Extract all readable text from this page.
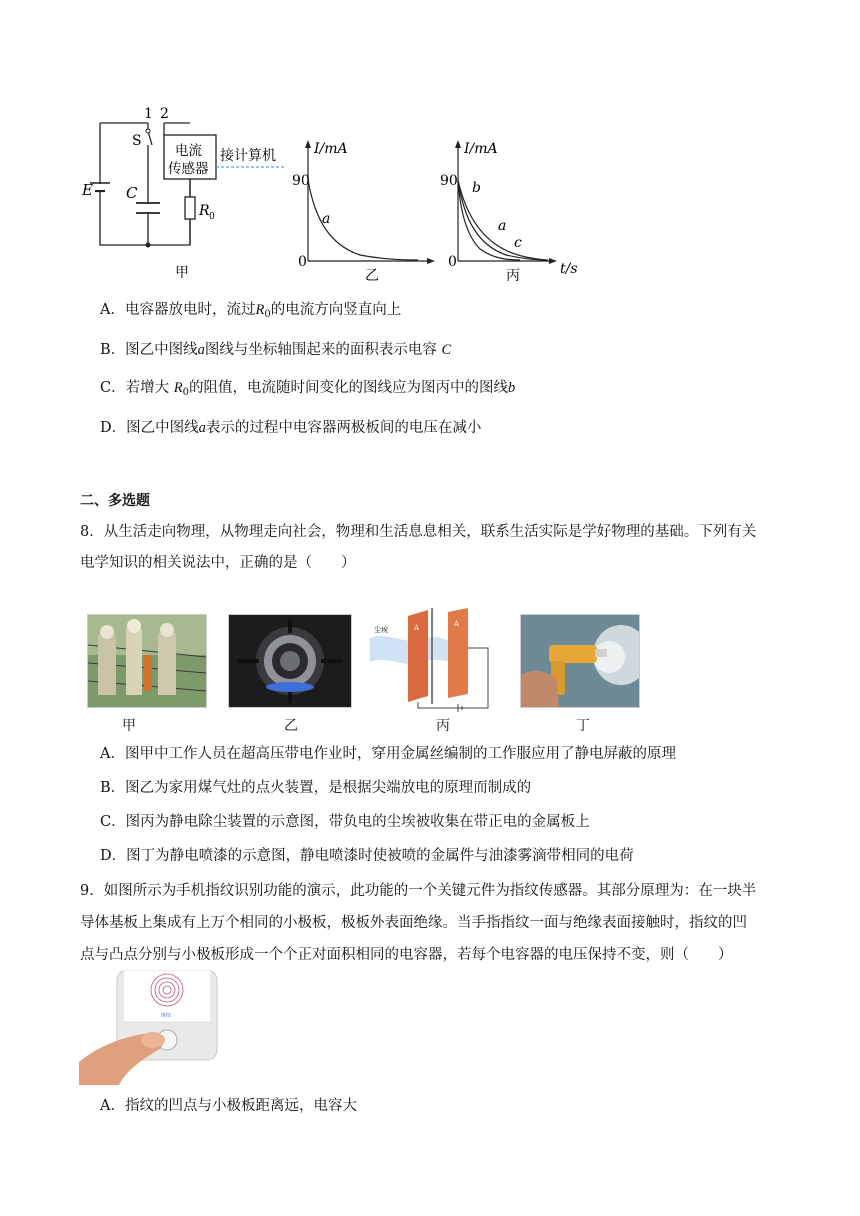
1 2
S
E C
R 0
电流
传感器
接计算机
甲
I/mA
90
0
a
乙
I/mA
90
0
a
b
c
t/s
丙
A．电容器放电时，流过$R_0$的电流方向竖直向上
B．图乙中图线a图线与坐标轴围起来的面积表示电容 C
C．若增大 $R_0$的阻值，电流随时间变化的图线应为图丙中的图线b
D．图乙中图线a表示的过程中电容器两极板间的电压在减小
二、多选题
8．从生活走向物理，从物理走向社会，物理和生活息息相关，联系生活实际是学好物理的基础。下列有关
电学知识的相关说法中，正确的是（　　）
甲	乙
尘埃	A	A
丙	丁
A．图甲中工作人员在超高压带电作业时，穿用金属丝编制的工作服应用了静电屏蔽的原理
B．图乙为家用煤气灶的点火装置，是根据尖端放电的原理而制成的
C．图丙为静电除尘装置的示意图，带负电的尘埃被收集在带正电的金属板上
D．图丁为静电喷漆的示意图，静电喷漆时使被喷的金属件与油漆雾滴带相同的电荷
9．如图所示为手机指纹识别功能的演示，此功能的一个关键元件为指纹传感器。其部分原理为：在一块半
导体基板上集成有上万个相同的小极板，极板外表面绝缘。当手指指纹一面与绝缘表面接触时，指纹的凹
点与凸点分别与小极板形成一个个正对面积相同的电容器，若每个电容器的电压保持不变，则（　　）
继续
A．指纹的凹点与小极板距离远，电容大
